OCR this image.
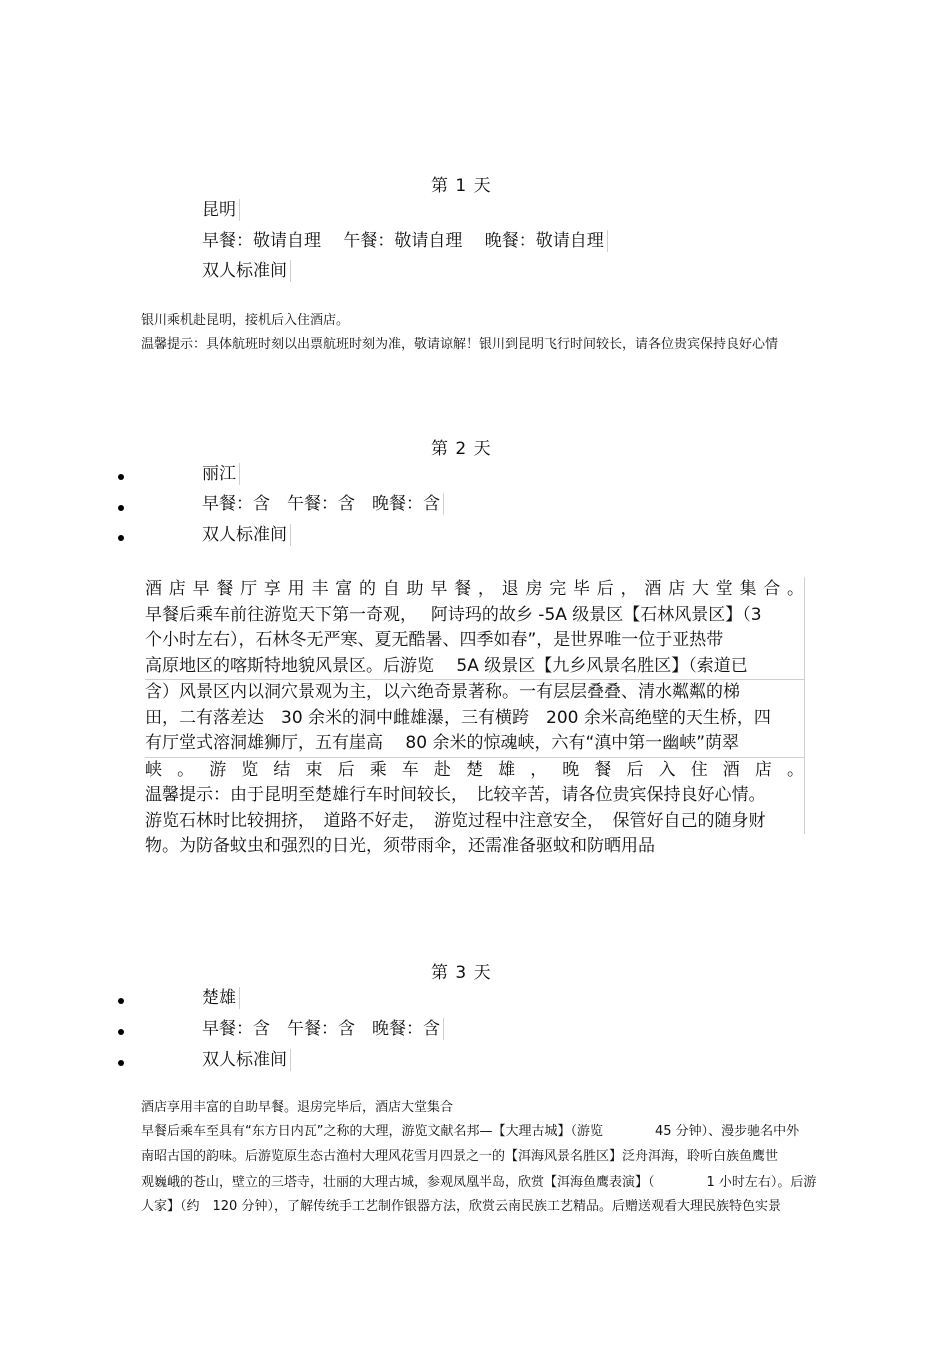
第 1 天
昆明
早餐：敬请自理　 午餐：敬请自理　 晚餐：敬请自理
双人标准间
银川乘机赴昆明，接机后入住酒店。
温馨提示：具体航班时刻以出票航班时刻为准，敬请谅解！银川到昆明飞行时间较长，请各位贵宾保持良好心情
第 2 天
丽江
早餐：含　午餐：含　晚餐：含
双人标准间
酒店早餐厅享用丰富的自助早餐，退房完毕后，酒店大堂集合。
早餐后乘车前往游览天下第一奇观，　 阿诗玛的故乡 -5A 级景区【石林风景区】（3
个小时左右），石林冬无严寒、夏无酷暑、四季如春”，是世界唯一位于亚热带
高原地区的喀斯特地貌风景区。后游览　 5A 级景区【九乡风景名胜区】（索道已
含）风景区内以洞穴景观为主，以六绝奇景著称。一有层层叠叠、清水粼粼的梯
田，二有落差达　30 余米的洞中雌雄瀑，三有横跨　200 余米高绝壁的天生桥，四
有厅堂式溶洞雄狮厅，五有崖高　 80 余米的惊魂峡，六有“滇中第一幽峡”荫翠
峡。游览结束后乘车赴楚雄，晚餐后入住酒店。
温馨提示：由于昆明至楚雄行车时间较长，　比较辛苦，请各位贵宾保持良好心情。
游览石林时比较拥挤，　道路不好走，　游览过程中注意安全，　保管好自己的随身财
物。为防备蚊虫和强烈的日光，须带雨伞，还需准备驱蚊和防晒用品
第 3 天
楚雄
早餐：含　午餐：含　晚餐：含
双人标准间
酒店享用丰富的自助早餐。退房完毕后，酒店大堂集合
早餐后乘车至具有“东方日内瓦”之称的大理，游览文献名邦—【大理古城】（游览　　　　45 分钟）、漫步驰名中外
南昭古国的韵味。后游览原生态古渔村大理风花雪月四景之一的【洱海风景名胜区】泛舟洱海，聆听白族鱼鹰世
观巍峨的苍山，壁立的三塔寺，壮丽的大理古城，参观凤凰半岛，欣赏【洱海鱼鹰表演】（　　　　1 小时左右）。后游
人家】（约　120 分钟），了解传统手工艺制作银器方法，欣赏云南民族工艺精品。后赠送观看大理民族特色实景
